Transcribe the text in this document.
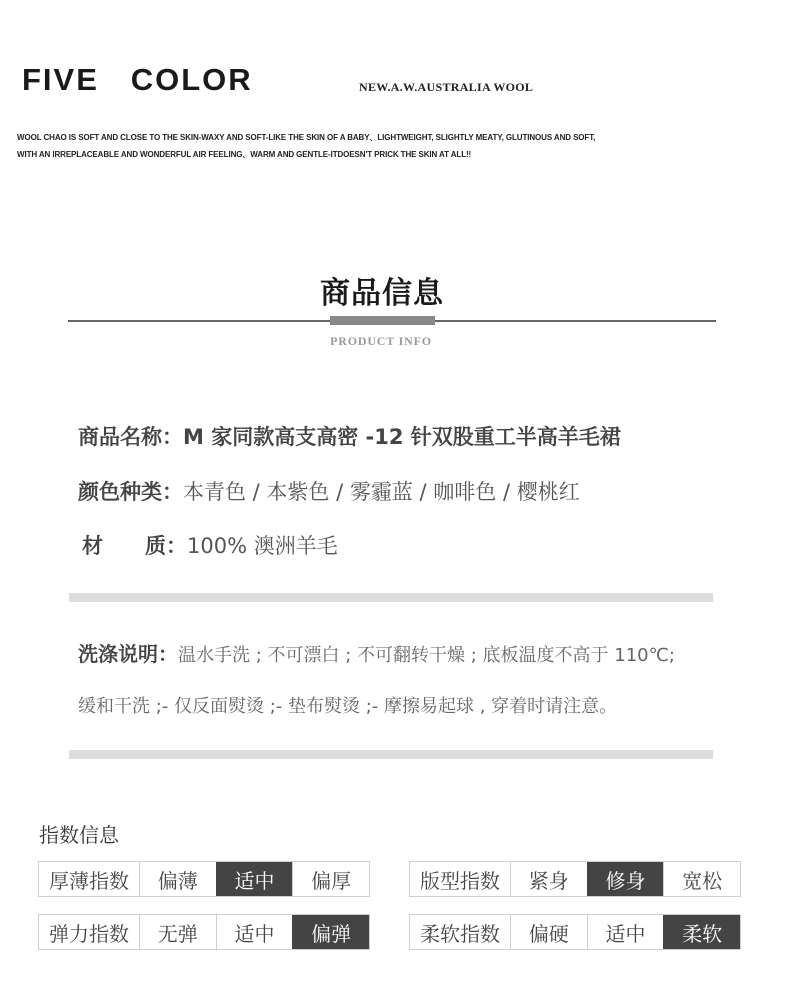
FIVE   COLOR	NEW.A.W.AUSTRALIA WOOL
WOOL CHAO IS SOFT AND CLOSE TO THE SKIN-WAXY AND SOFT-LIKE THE SKIN OF A BABY、LIGHTWEIGHT, SLIGHTLY MEATY, GLUTINOUS AND SOFT,
WITH AN IRREPLACEABLE AND WONDERFUL AIR FEELING、WARM AND GENTLE-ITDOESN'T PRICK THE SKIN AT ALL!!
商品信息
PRODUCT INFO
商品名称：M 家同款高支高密 -12 针双股重工半高羊毛裙
颜色种类：本青色 / 本紫色 / 雾霾蓝 / 咖啡色 / 樱桃红
材　　质：100% 澳洲羊毛
洗涤说明：温水手洗 ; 不可漂白 ; 不可翻转干燥 ; 底板温度不高于 110℃;
缓和干洗 ;- 仅反面熨烫 ;- 垫布熨烫 ;- 摩擦易起球 , 穿着时请注意。
指数信息
厚薄指数	偏薄	适中	偏厚	版型指数	紧身	修身	宽松
弹力指数	无弹	适中	偏弹	柔软指数	偏硬	适中	柔软
